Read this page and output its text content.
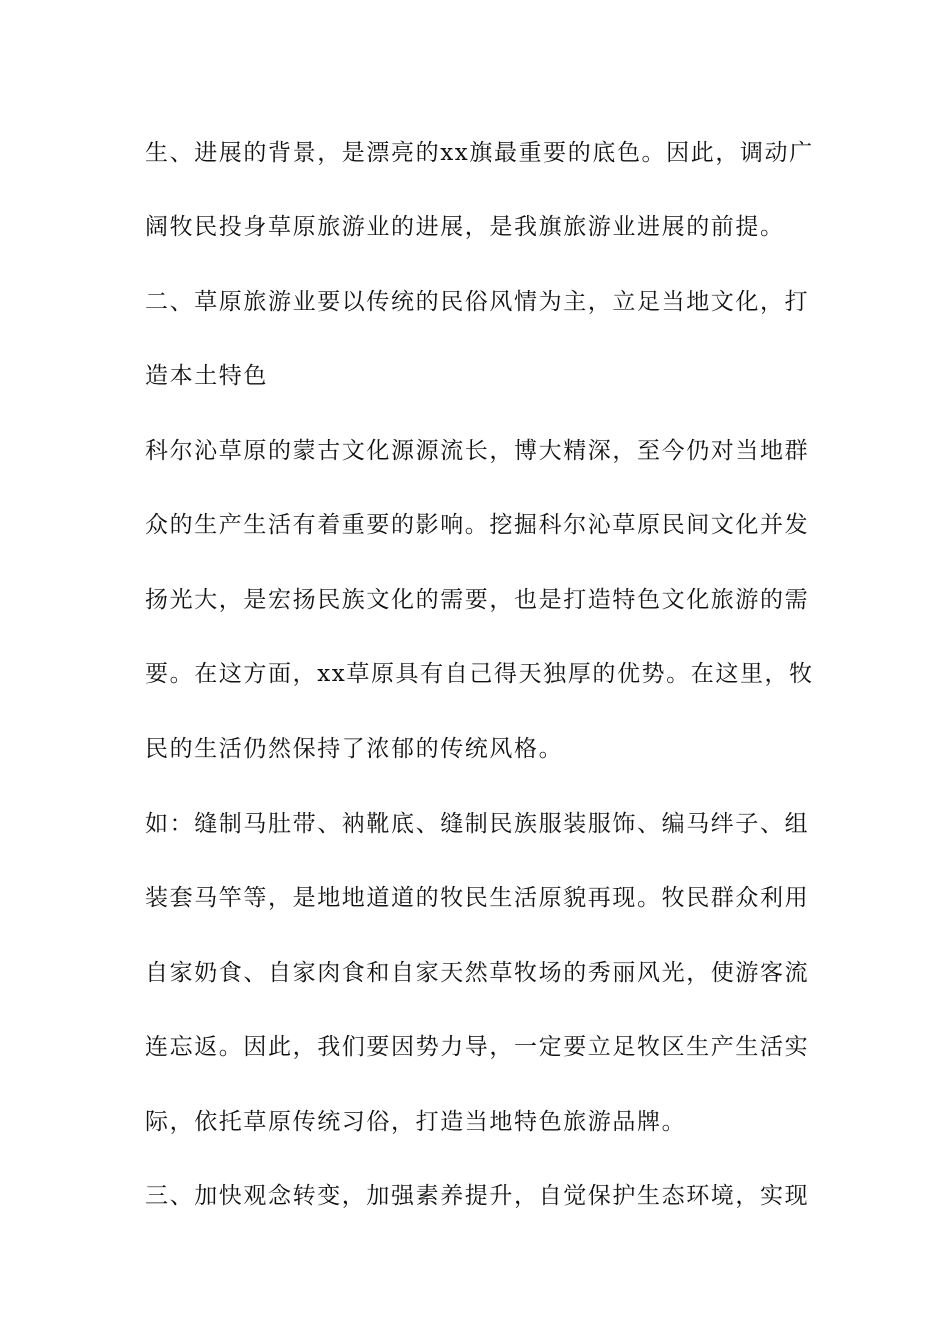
生、进展的背景，是漂亮的xx旗最重要的底色。因此，调动广
阔牧民投身草原旅游业的进展，是我旗旅游业进展的前提。
二、草原旅游业要以传统的民俗风情为主，立足当地文化，打
造本土特色
科尔沁草原的蒙古文化源源流长，博大精深，至今仍对当地群
众的生产生活有着重要的影响。挖掘科尔沁草原民间文化并发
扬光大，是宏扬民族文化的需要，也是打造特色文化旅游的需
要。在这方面，xx草原具有自己得天独厚的优势。在这里，牧
民的生活仍然保持了浓郁的传统风格。
如：缝制马肚带、衲靴底、缝制民族服装服饰、编马绊子、组
装套马竿等，是地地道道的牧民生活原貌再现。牧民群众利用
自家奶食、自家肉食和自家天然草牧场的秀丽风光，使游客流
连忘返。因此，我们要因势力导，一定要立足牧区生产生活实
际，依托草原传统习俗，打造当地特色旅游品牌。
三、加快观念转变，加强素养提升，自觉保护生态环境，实现
